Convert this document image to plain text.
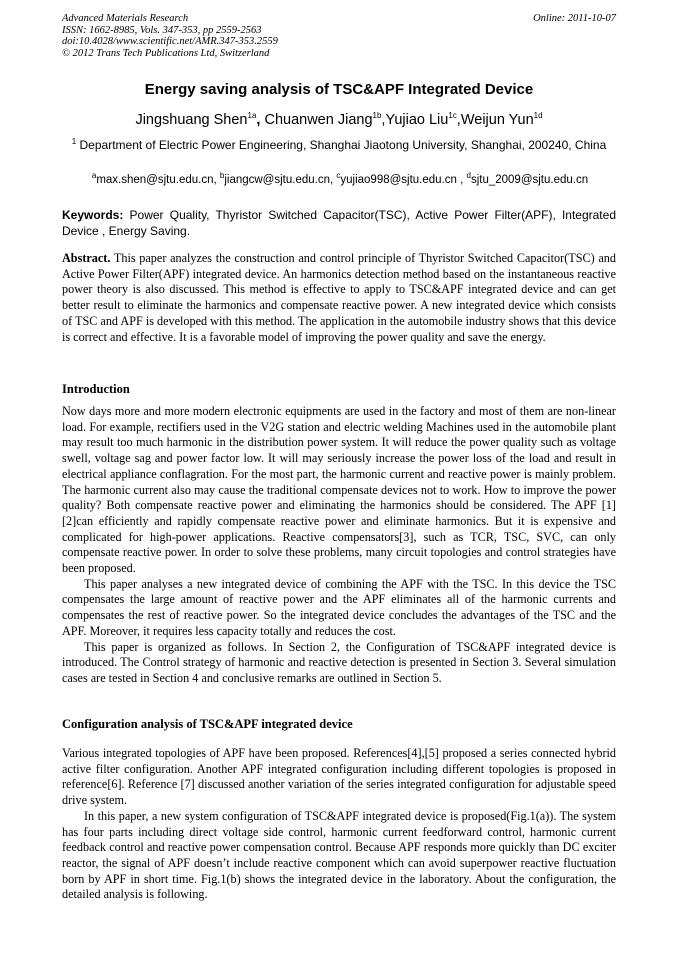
Advanced Materials Research
ISSN: 1662-8985, Vols. 347-353, pp 2559-2563
doi:10.4028/www.scientific.net/AMR.347-353.2559
© 2012 Trans Tech Publications Ltd, Switzerland
Online: 2011-10-07
Energy saving analysis of TSC&APF Integrated Device
Jingshuang Shen$^{1a}$, Chuanwen Jiang$^{1b}$,Yujiao Liu$^{1c}$,Weijun Yun$^{1d}$
$^1$ Department of Electric Power Engineering, Shanghai Jiaotong University, Shanghai, 200240, China
$^a$max.shen@sjtu.edu.cn, $^b$jiangcw@sjtu.edu.cn, $^c$yujiao998@sjtu.edu.cn , $^d$sjtu_2009@sjtu.edu.cn
Keywords: Power Quality, Thyristor Switched Capacitor(TSC), Active Power Filter(APF), Integrated Device , Energy Saving.
Abstract. This paper analyzes the construction and control principle of Thyristor Switched Capacitor(TSC) and Active Power Filter(APF) integrated device. An harmonics detection method based on the instantaneous reactive power theory is also discussed. This method is effective to apply to TSC&APF integrated device and can get better result to eliminate the harmonics and compensate reactive power. A new integrated device which consists of TSC and APF is developed with this method. The application in the automobile industry shows that this device is correct and effective. It is a favorable model of improving the power quality and save the energy.
Introduction

Now days more and more modern electronic equipments are used in the factory and most of them are non-linear load. For example, rectifiers used in the V2G station and electric welding Machines used in the automobile plant may result too much harmonic in the distribution power system. It will reduce the power quality such as voltage swell, voltage sag and power factor low. It will may seriously increase the power loss of the load and result in electrical appliance conflagration. For the most part, the harmonic current and reactive power is mainly problem. The harmonic current also may cause the traditional compensate devices not to work. How to improve the power quality? Both compensate reactive power and eliminating the harmonics should be considered. The APF [1][2]can efficiently and rapidly compensate reactive power and eliminate harmonics. But it is expensive and complicated for high-power applications. Reactive compensators[3], such as TCR, TSC, SVC, can only compensate reactive power. In order to solve these problems, many circuit topologies and control strategies have been proposed.

This paper analyses a new integrated device of combining the APF with the TSC. In this device the TSC compensates the large amount of reactive power and the APF eliminates all of the harmonic currents and compensates the rest of reactive power. So the integrated device concludes the advantages of the TSC and the APF. Moreover, it requires less capacity totally and reduces the cost.

This paper is organized as follows. In Section 2, the Configuration of TSC&APF integrated device is introduced. The Control strategy of harmonic and reactive detection is presented in Section 3. Several simulation cases are tested in Section 4 and conclusive remarks are outlined in Section 5.

Configuration analysis of TSC&APF integrated device

Various integrated topologies of APF have been proposed. References[4],[5] proposed a series connected hybrid active filter configuration. Another APF integrated configuration including different topologies is proposed in reference[6]. Reference [7] discussed another variation of the series integrated configuration for adjustable speed drive system.

In this paper, a new system configuration of TSC&APF integrated device is proposed(Fig.1(a)). The system has four parts including direct voltage side control, harmonic current feedforward control, harmonic current feedback control and reactive power compensation control. Because APF responds more quickly than DC exciter reactor, the signal of APF doesn’t include reactive component which can avoid superpower reactive fluctuation born by APF in short time. Fig.1(b) shows the integrated device in the laboratory. About the configuration, the detailed analysis is following.
